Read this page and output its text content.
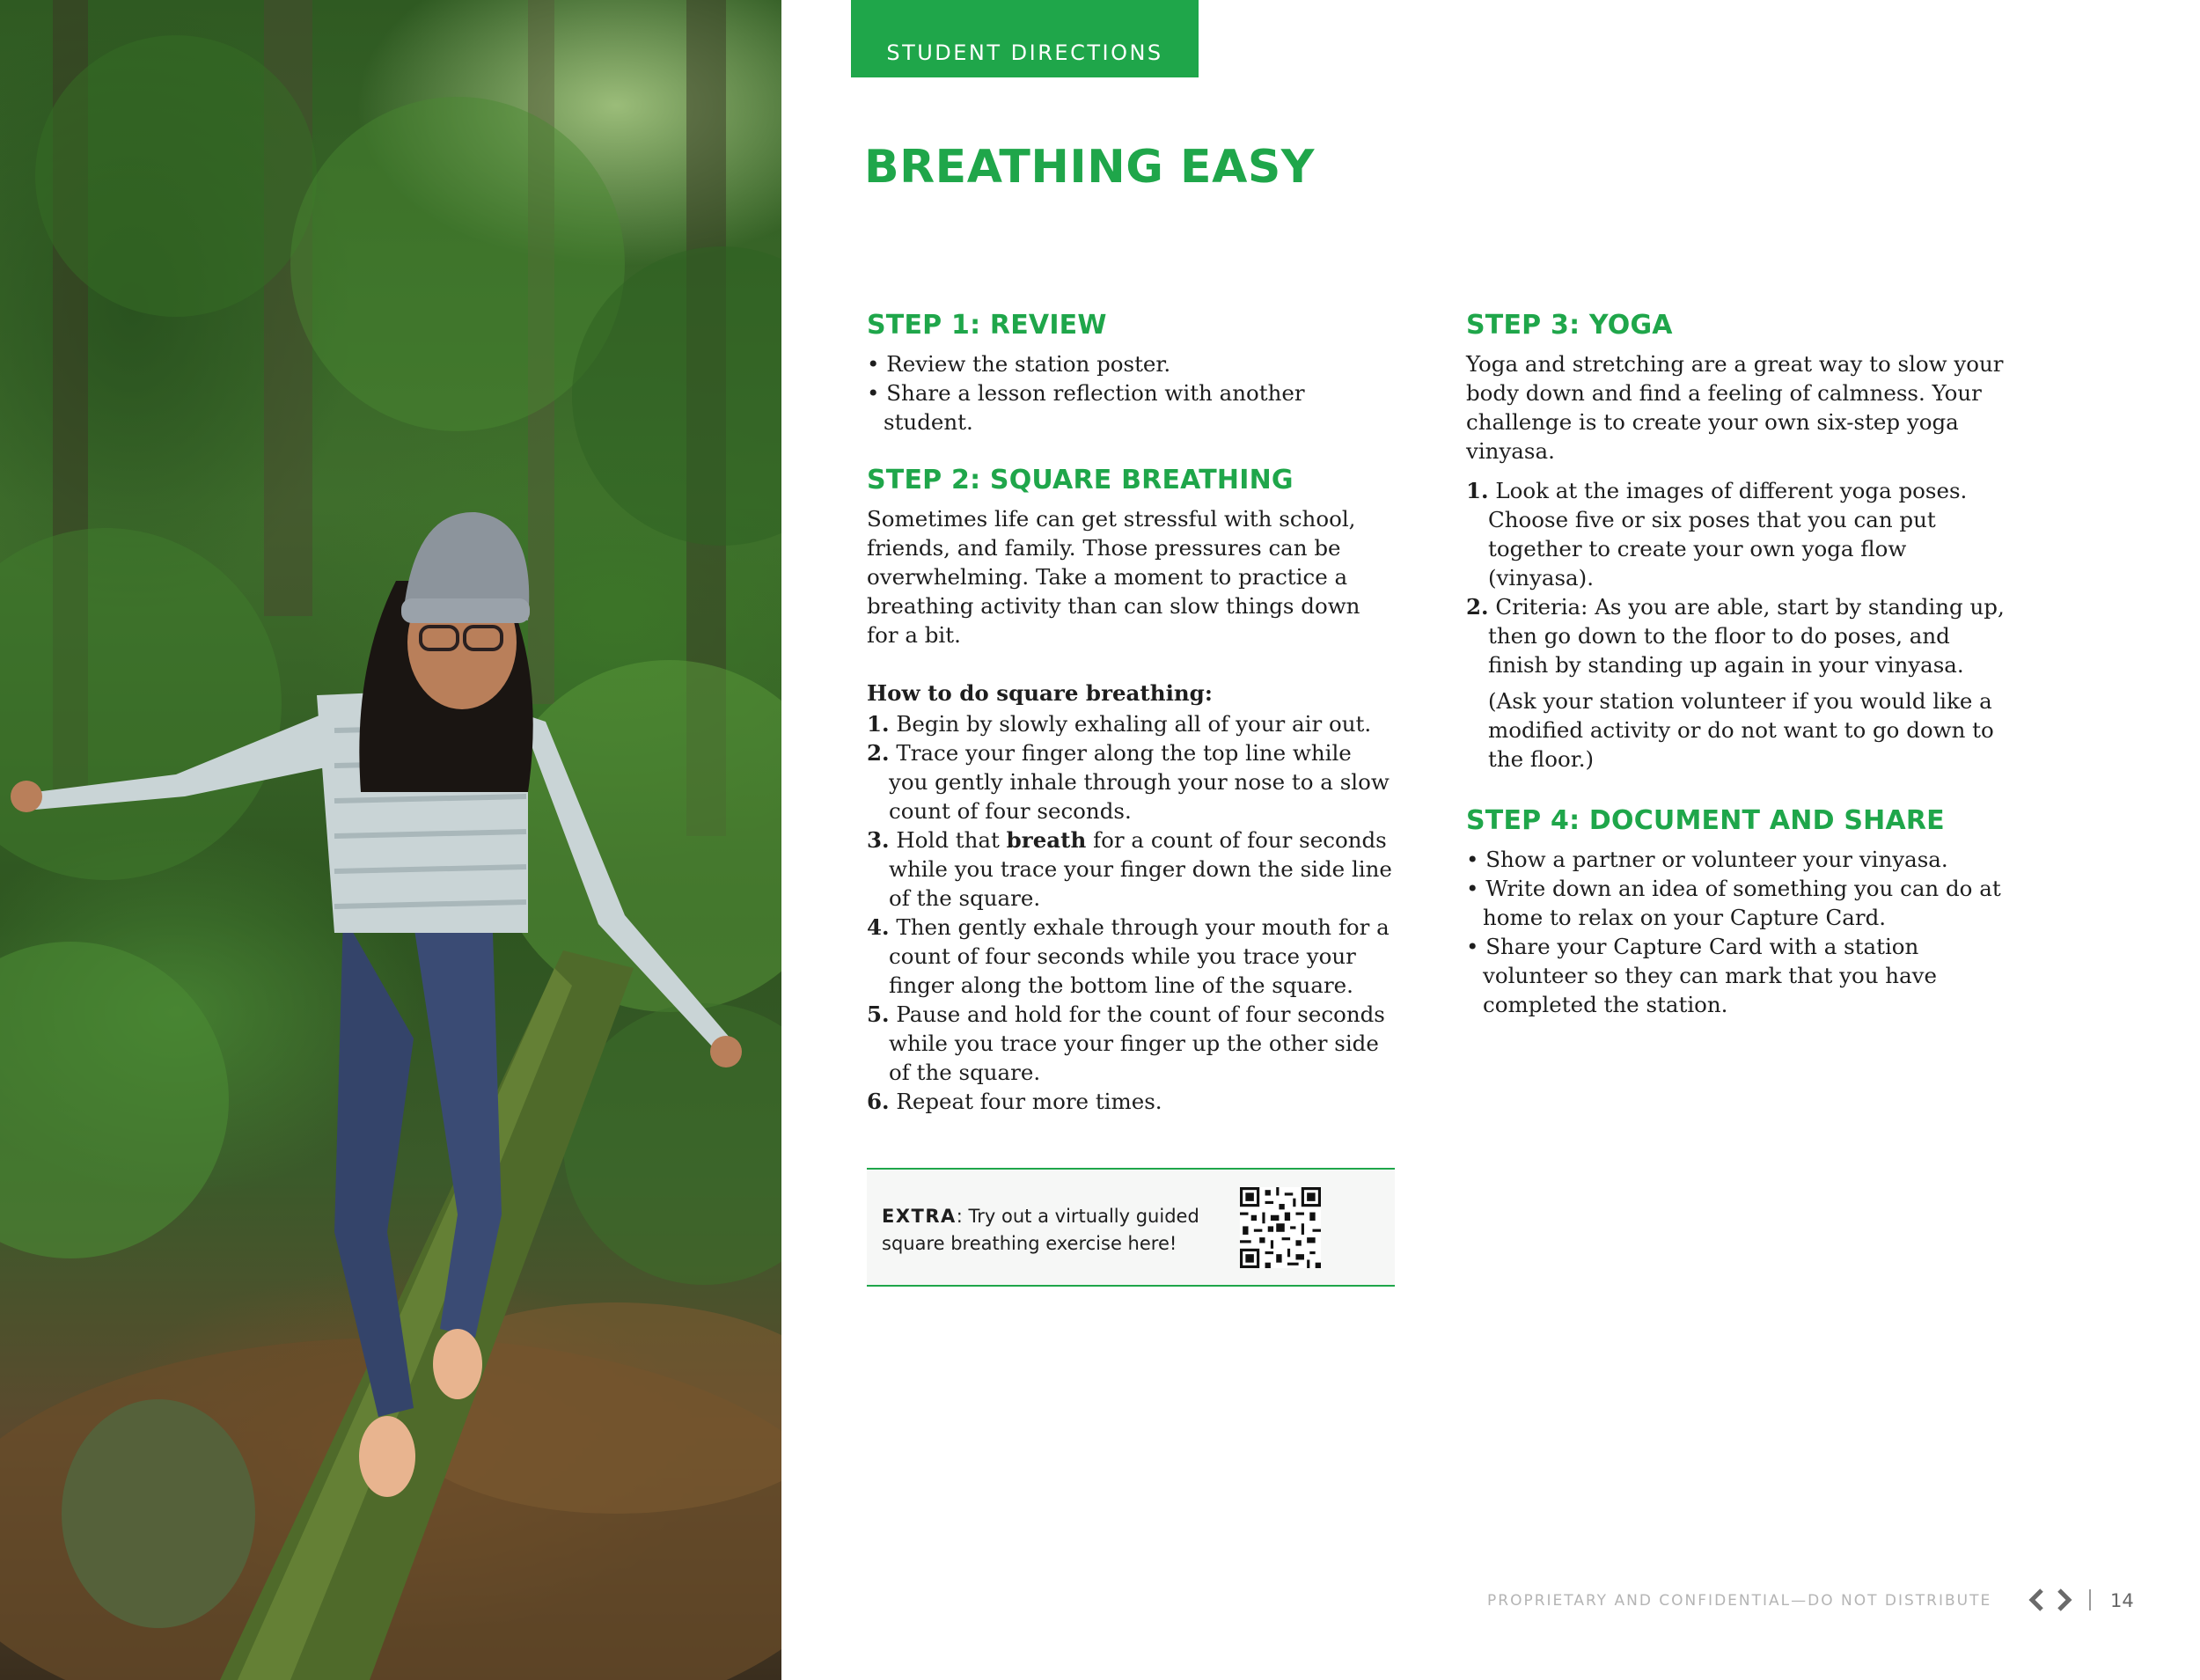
STUDENT DIRECTIONS
BREATHING EASY
STEP 1: REVIEW
• Review the station poster.
• Share a lesson reflection with another student.
STEP 2: SQUARE BREATHING

Sometimes life can get stressful with school, friends, and family. Those pressures can be overwhelming. Take a moment to practice a breathing activity than can slow things down for a bit.

How to do square breathing:

1. Begin by slowly exhaling all of your air out.
2. Trace your finger along the top line while you gently inhale through your nose to a slow count of four seconds.
3. Hold that breath for a count of four seconds while you trace your finger down the side line of the square.
4. Then gently exhale through your mouth for a count of four seconds while you trace your finger along the bottom line of the square.
5. Pause and hold for the count of four seconds while you trace your finger up the other side of the square.
6. Repeat four more times.
EXTRA: Try out a virtually guided square breathing exercise here!
STEP 3: YOGA

Yoga and stretching are a great way to slow your body down and find a feeling of calmness. Your challenge is to create your own six-step yoga vinyasa.

1. Look at the images of different yoga poses. Choose five or six poses that you can put together to create your own yoga flow (vinyasa).
2. Criteria: As you are able, start by standing up, then go down to the floor to do poses, and finish by standing up again in your vinyasa.

(Ask your station volunteer if you would like a modified activity or do not want to go down to the floor.)

STEP 4: DOCUMENT AND SHARE
• Show a partner or volunteer your vinyasa.
• Write down an idea of something you can do at home to relax on your Capture Card.
• Share your Capture Card with a station volunteer so they can mark that you have completed the station.
PROPRIETARY AND CONFIDENTIAL—DO NOT DISTRIBUTE	14
